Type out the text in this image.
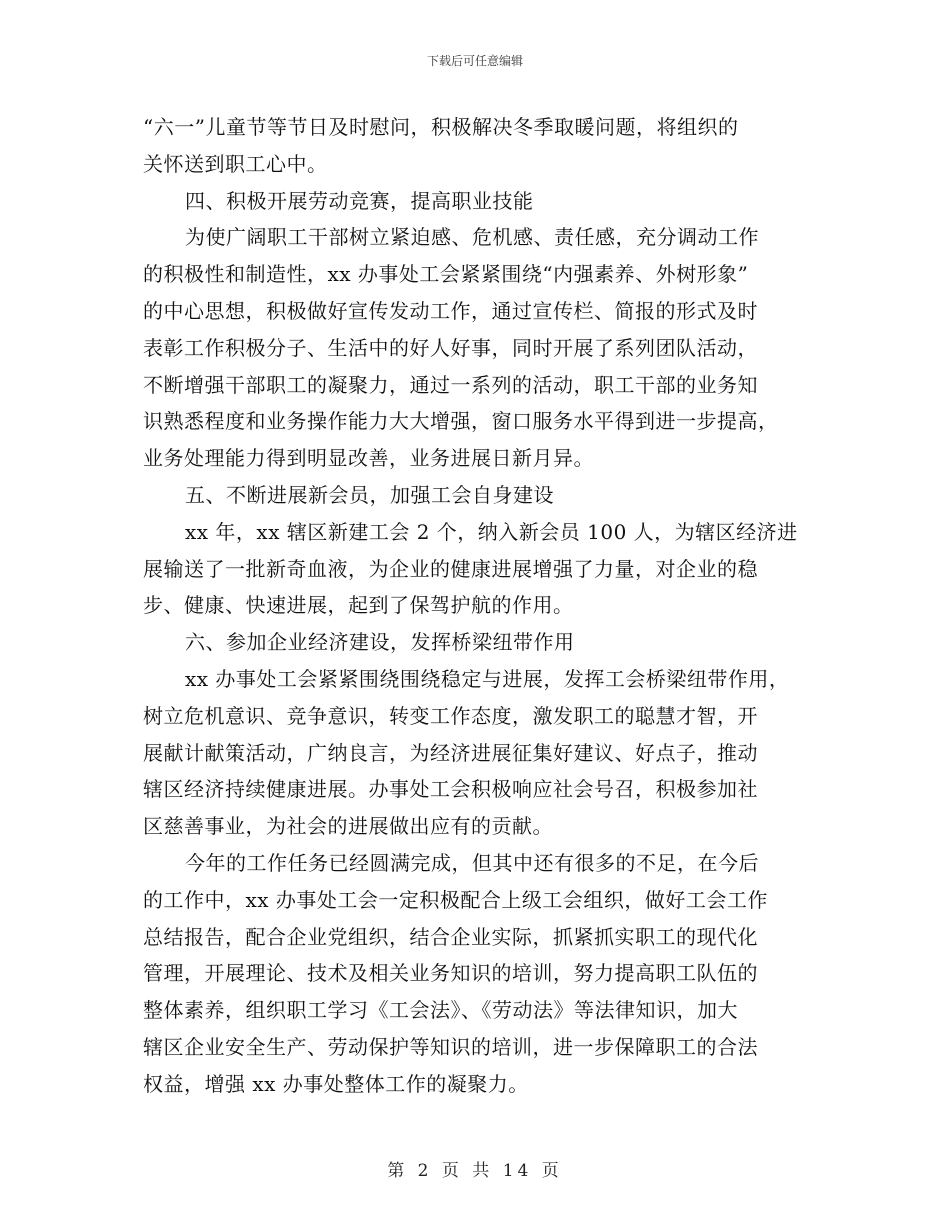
下载后可任意编辑

“六一”儿童节等节日及时慰问，积极解决冬季取暖问题，将组织的
关怀送到职工心中。
四、积极开展劳动竞赛，提高职业技能
为使广阔职工干部树立紧迫感、危机感、责任感，充分调动工作
的积极性和制造性，xx 办事处工会紧紧围绕“内强素养、外树形象”
的中心思想，积极做好宣传发动工作，通过宣传栏、简报的形式及时
表彰工作积极分子、生活中的好人好事，同时开展了系列团队活动，
不断增强干部职工的凝聚力，通过一系列的活动，职工干部的业务知
识熟悉程度和业务操作能力大大增强，窗口服务水平得到进一步提高，
业务处理能力得到明显改善，业务进展日新月异。
五、不断进展新会员，加强工会自身建设
xx 年，xx 辖区新建工会 2 个，纳入新会员 100 人，为辖区经济进
展输送了一批新奇血液，为企业的健康进展增强了力量，对企业的稳
步、健康、快速进展，起到了保驾护航的作用。
六、参加企业经济建设，发挥桥梁纽带作用
xx 办事处工会紧紧围绕围绕稳定与进展，发挥工会桥梁纽带作用，
树立危机意识、竞争意识，转变工作态度，激发职工的聪慧才智，开
展献计献策活动，广纳良言，为经济进展征集好建议、好点子，推动
辖区经济持续健康进展。办事处工会积极响应社会号召，积极参加社
区慈善事业，为社会的进展做出应有的贡献。
今年的工作任务已经圆满完成，但其中还有很多的不足，在今后
的工作中，xx 办事处工会一定积极配合上级工会组织，做好工会工作
总结报告，配合企业党组织，结合企业实际，抓紧抓实职工的现代化
管理，开展理论、技术及相关业务知识的培训，努力提高职工队伍的
整体素养，组织职工学习《工会法》、《劳动法》等法律知识，加大
辖区企业安全生产、劳动保护等知识的培训，进一步保障职工的合法
权益，增强 xx 办事处整体工作的凝聚力。

第 2 页 共 14 页
